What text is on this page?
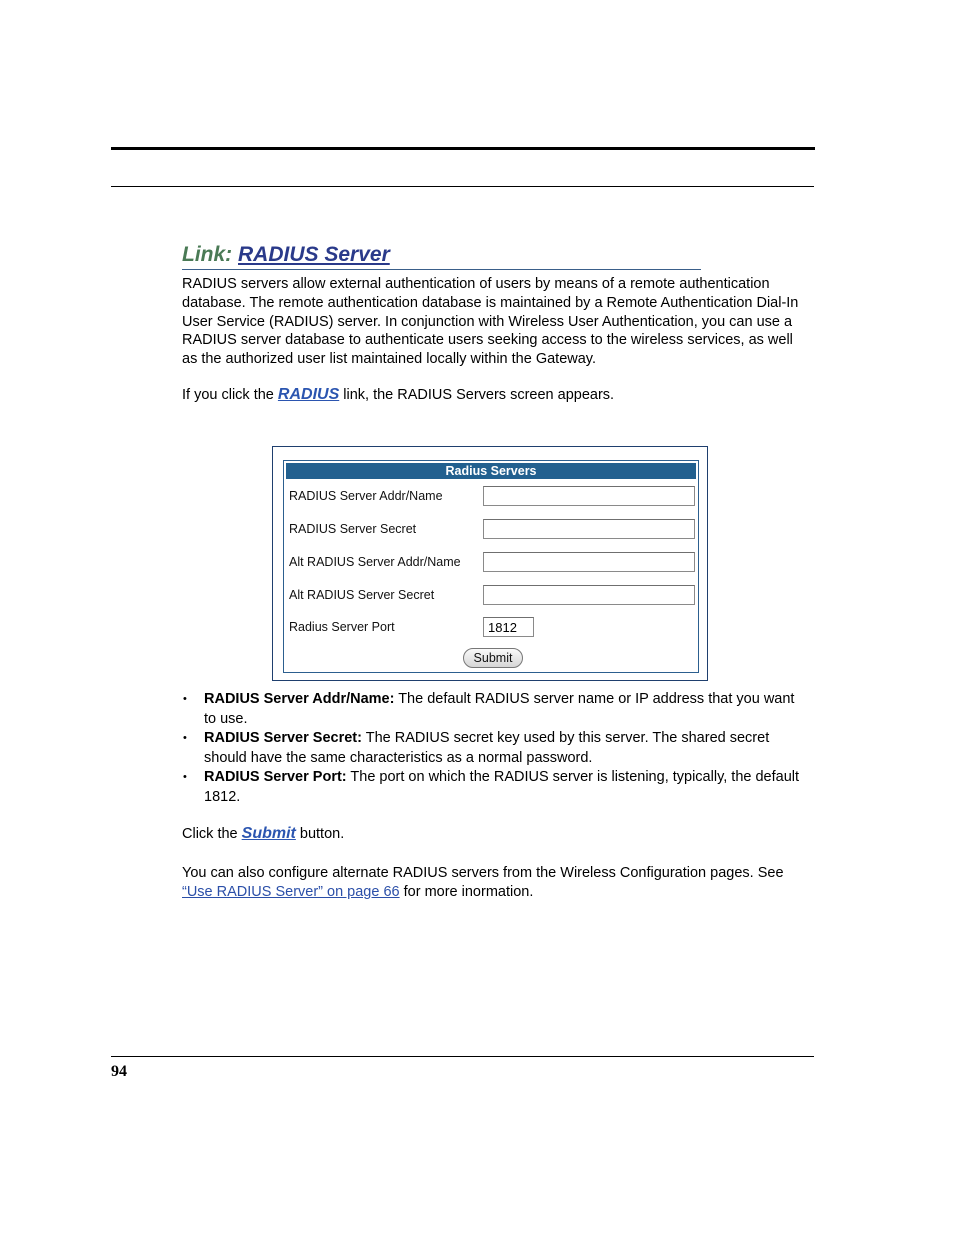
Link: RADIUS Server

RADIUS servers allow external authentication of users by means of a remote authentication database. The remote authentication database is maintained by a Remote Authentication Dial-In User Service (RADIUS) server. In conjunction with Wireless User Authentication, you can use a RADIUS server database to authenticate users seeking access to the wireless services, as well as the authorized user list maintained locally within the Gateway.

If you click the RADIUS link, the RADIUS Servers screen appears.

Radius Servers
RADIUS Server Addr/Name
RADIUS Server Secret
Alt RADIUS Server Addr/Name
Alt RADIUS Server Secret
Radius Server Port
1812
Submit
• RADIUS Server Addr/Name: The default RADIUS server name or IP address that you want to use.
• RADIUS Server Secret: The RADIUS secret key used by this server. The shared secret should have the same characteristics as a normal password.
• RADIUS Server Port: The port on which the RADIUS server is listening, typically, the default 1812.

Click the Submit button.

You can also configure alternate RADIUS servers from the Wireless Configuration pages. See “Use RADIUS Server” on page 66 for more inormation.

94
